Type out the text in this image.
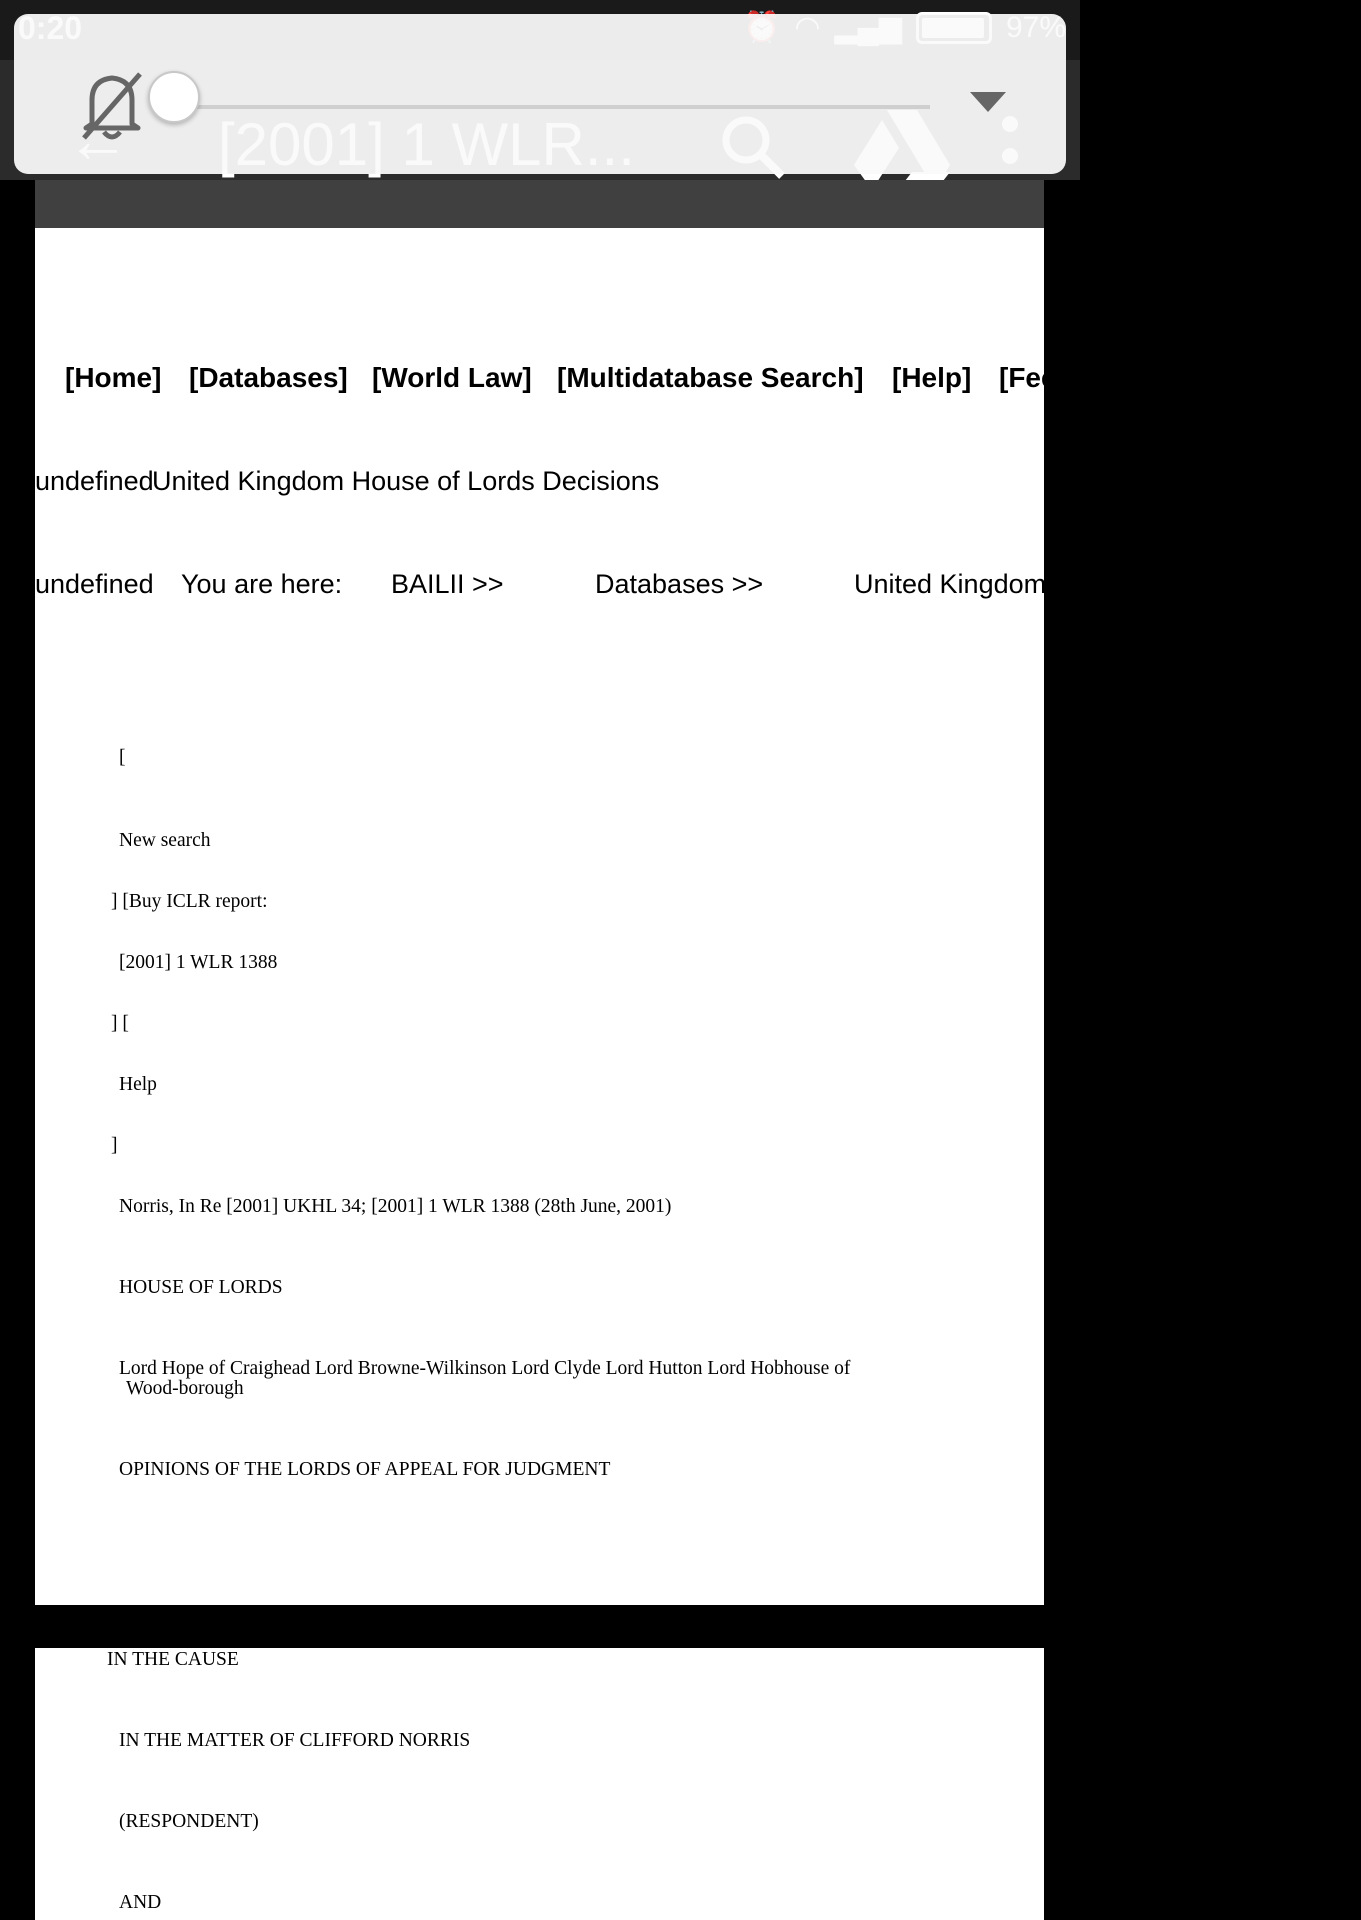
[Home] [Databases] [World Law] [Multidatabase Search] [Help] [Feedback]
undefined
United Kingdom House of Lords Decisions
undefined You are here: BAILII >>	Databases >>	United Kingdom House of Lords Decisions
[
New search
] [Buy ICLR report:
[2001] 1 WLR 1388
] [
Help
]
Norris, In Re [2001] UKHL 34; [2001] 1 WLR 1388 (28th June, 2001)
HOUSE OF LORDS
Lord Hope of Craighead Lord Browne-Wilkinson Lord Clyde Lord Hutton Lord Hobhouse of
Wood-borough
OPINIONS OF THE LORDS OF APPEAL FOR JUDGMENT
IN THE CAUSE
IN THE MATTER OF CLIFFORD NORRIS
(RESPONDENT)
AND
